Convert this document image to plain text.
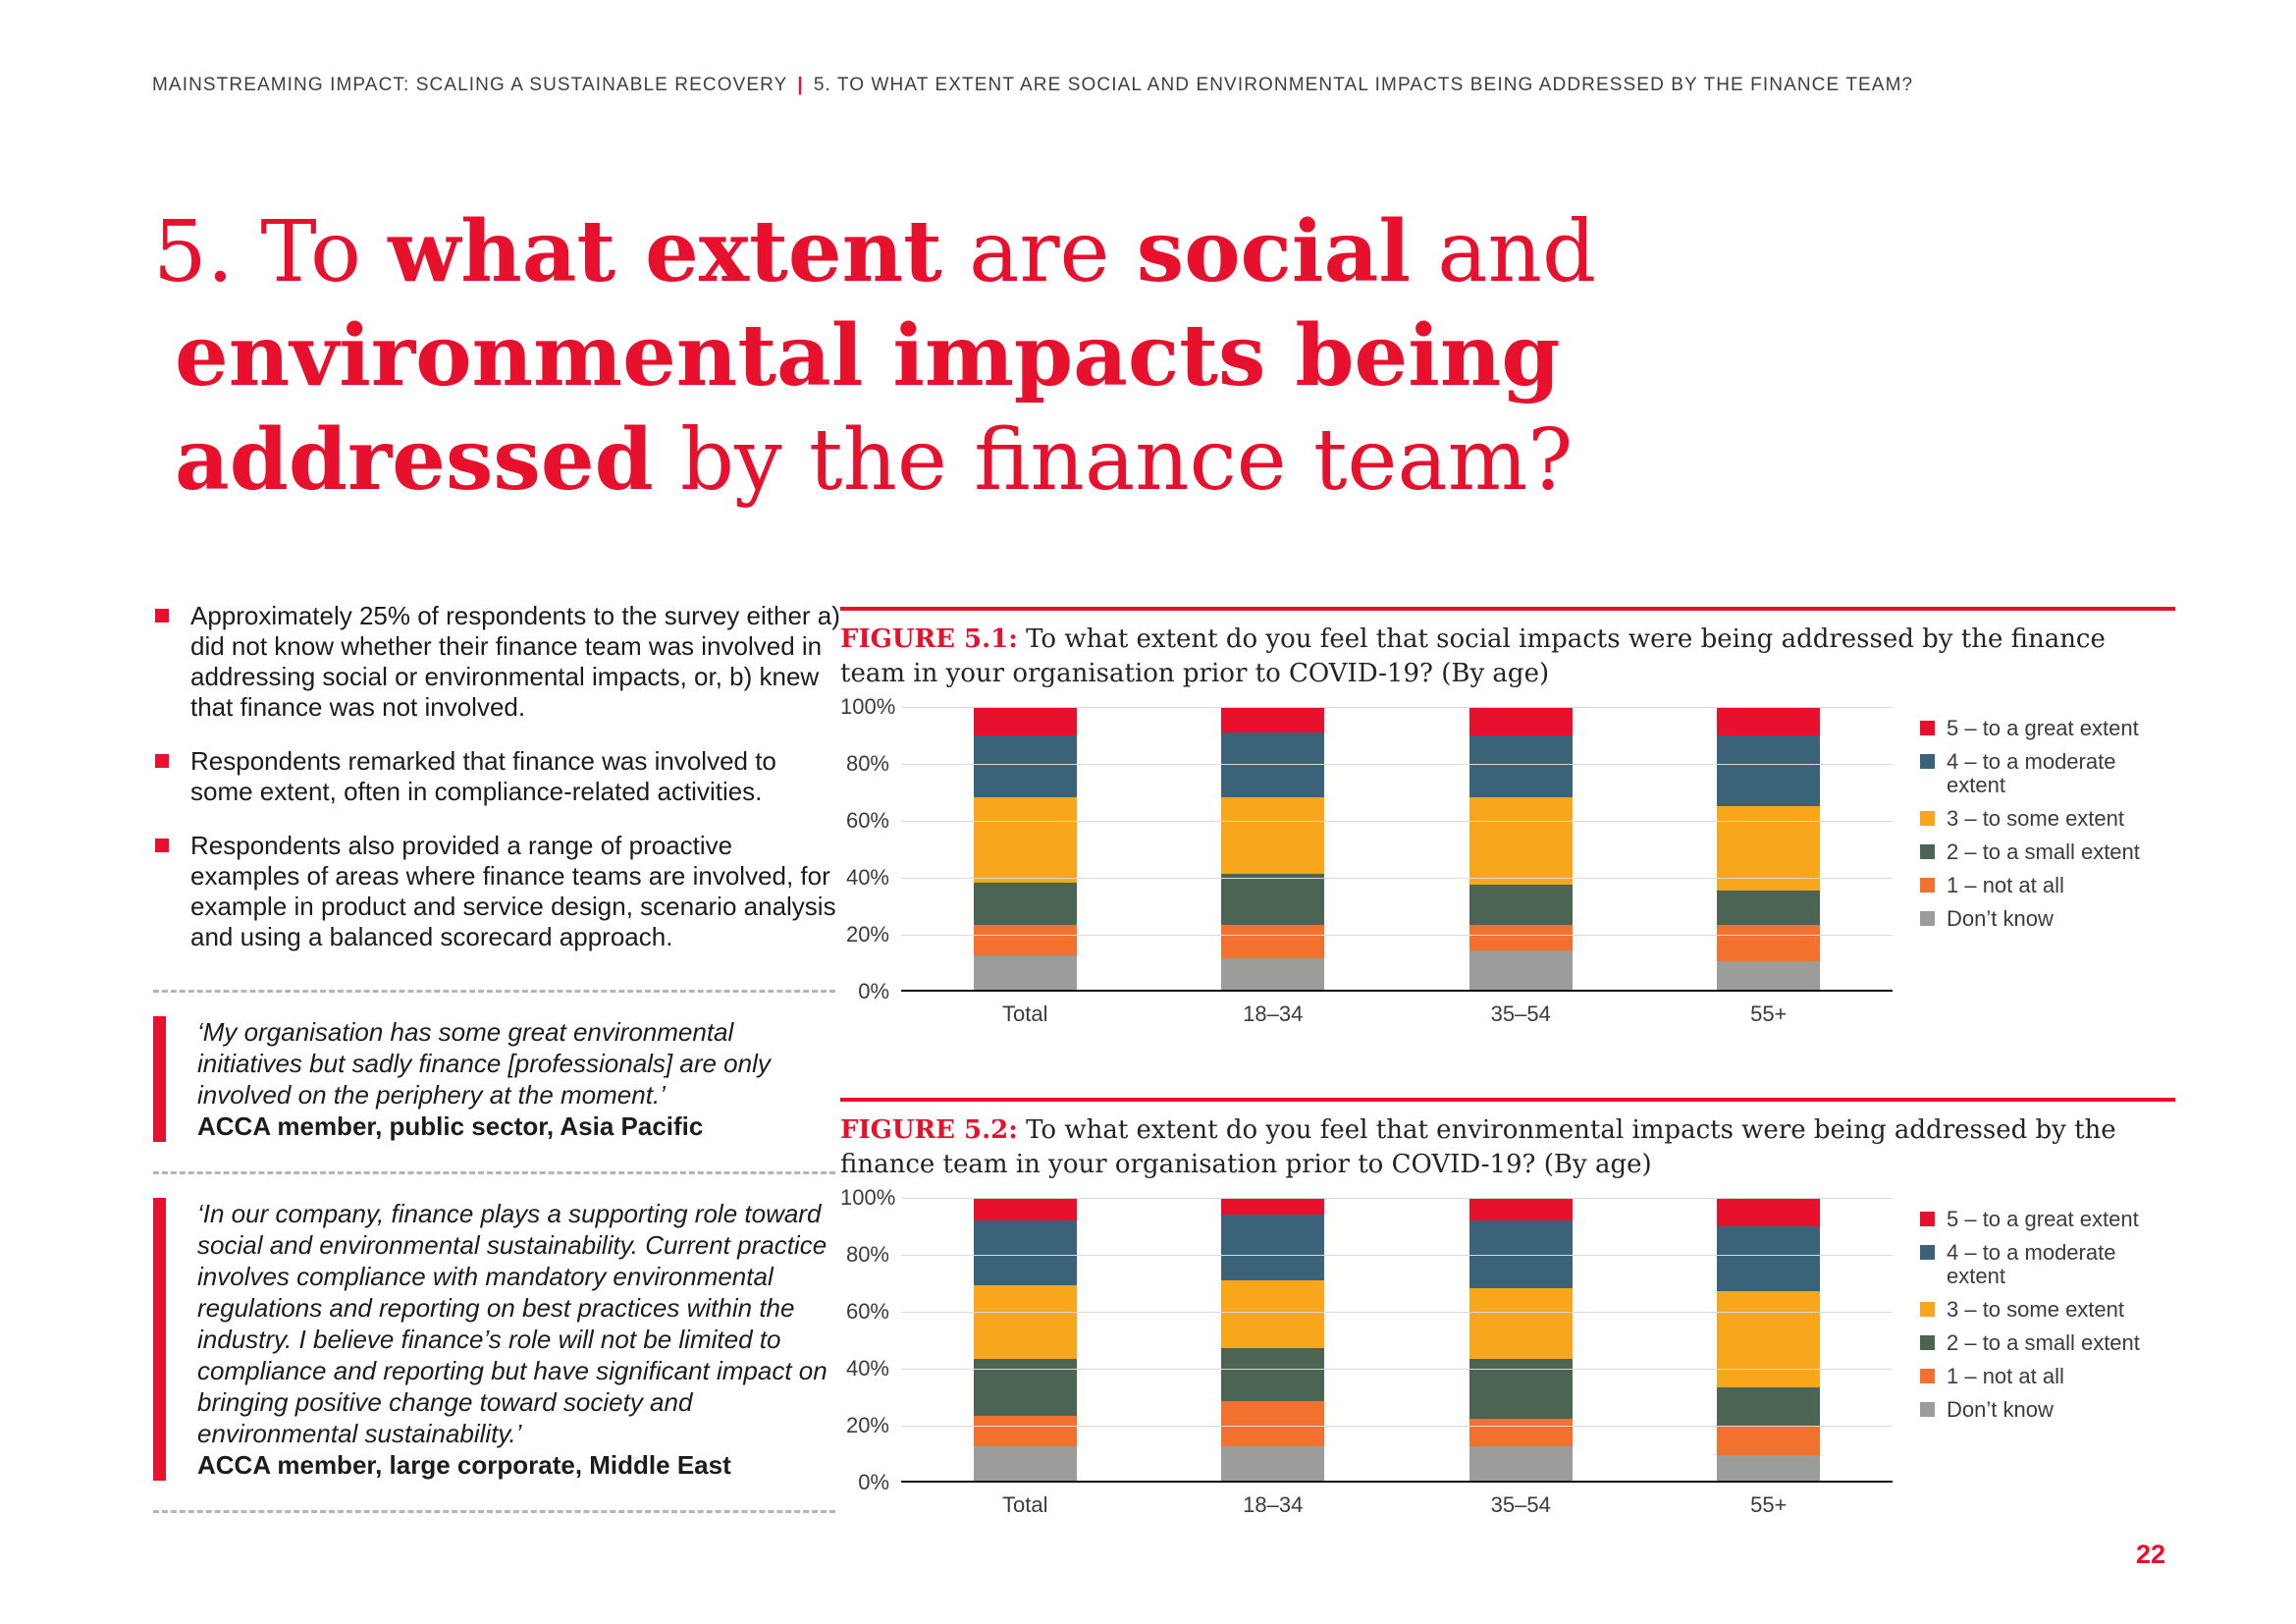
MAINSTREAMING IMPACT: SCALING A SUSTAINABLE RECOVERY | 5. TO WHAT EXTENT ARE SOCIAL AND ENVIRONMENTAL IMPACTS BEING ADDRESSED BY THE FINANCE TEAM?
5. To what extent are social and
environmental impacts being
addressed by the finance team?
Approximately 25% of respondents to the survey either a) did not know whether their finance team was involved in addressing social or environmental impacts, or, b) knew that finance was not involved.
Respondents remarked that finance was involved to some extent, often in compliance-related activities.
Respondents also provided a range of proactive examples of areas where finance teams are involved, for example in product and service design, scenario analysis and using a balanced scorecard approach.
‘My organisation has some great environmental initiatives but sadly finance [professionals] are only involved on the periphery at the moment.’
ACCA member, public sector, Asia Pacific
‘In our company, finance plays a supporting role toward social and environmental sustainability. Current practice involves compliance with mandatory environmental regulations and reporting on best practices within the industry. I believe finance’s role will not be limited to compliance and reporting but have significant impact on bringing positive change toward society and environmental sustainability.’
ACCA member, large corporate, Middle East
FIGURE 5.1: To what extent do you feel that social impacts were being addressed by the finance team in your organisation prior to COVID-19? (By age)
0%
20%
40%
60%
80%
100%
Total	18–34	35–54	55+
5 – to a great extent
4 – to a moderate extent
3 – to some extent
2 – to a small extent
1 – not at all
Don’t know
FIGURE 5.2: To what extent do you feel that environmental impacts were being addressed by the finance team in your organisation prior to COVID-19? (By age)
0%
20%
40%
60%
80%
100%
Total	18–34	35–54	55+
5 – to a great extent
4 – to a moderate extent
3 – to some extent
2 – to a small extent
1 – not at all
Don’t know
22
